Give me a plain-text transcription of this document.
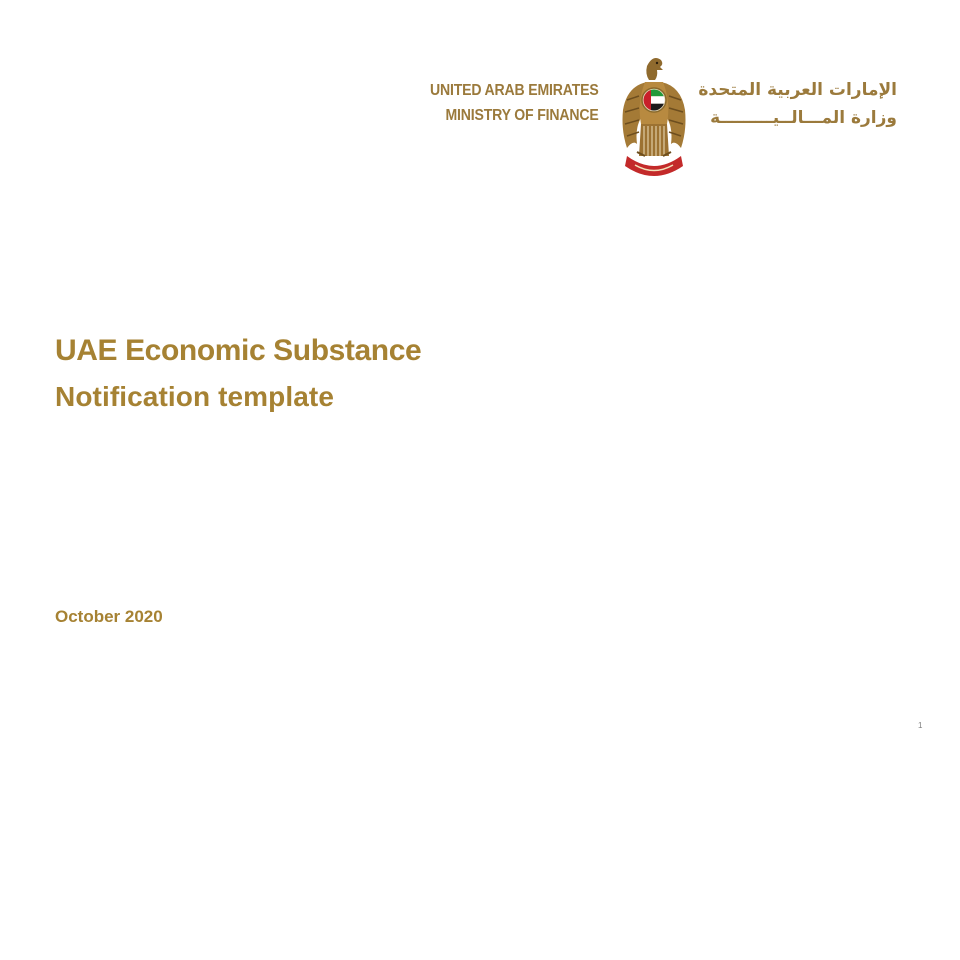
UNITED ARAB EMIRATES
MINISTRY OF FINANCE
الإمارات العربية المتحدة
وزارة المـــالــيـــــــــة
UAE Economic Substance
Notification template

October 2020

1
